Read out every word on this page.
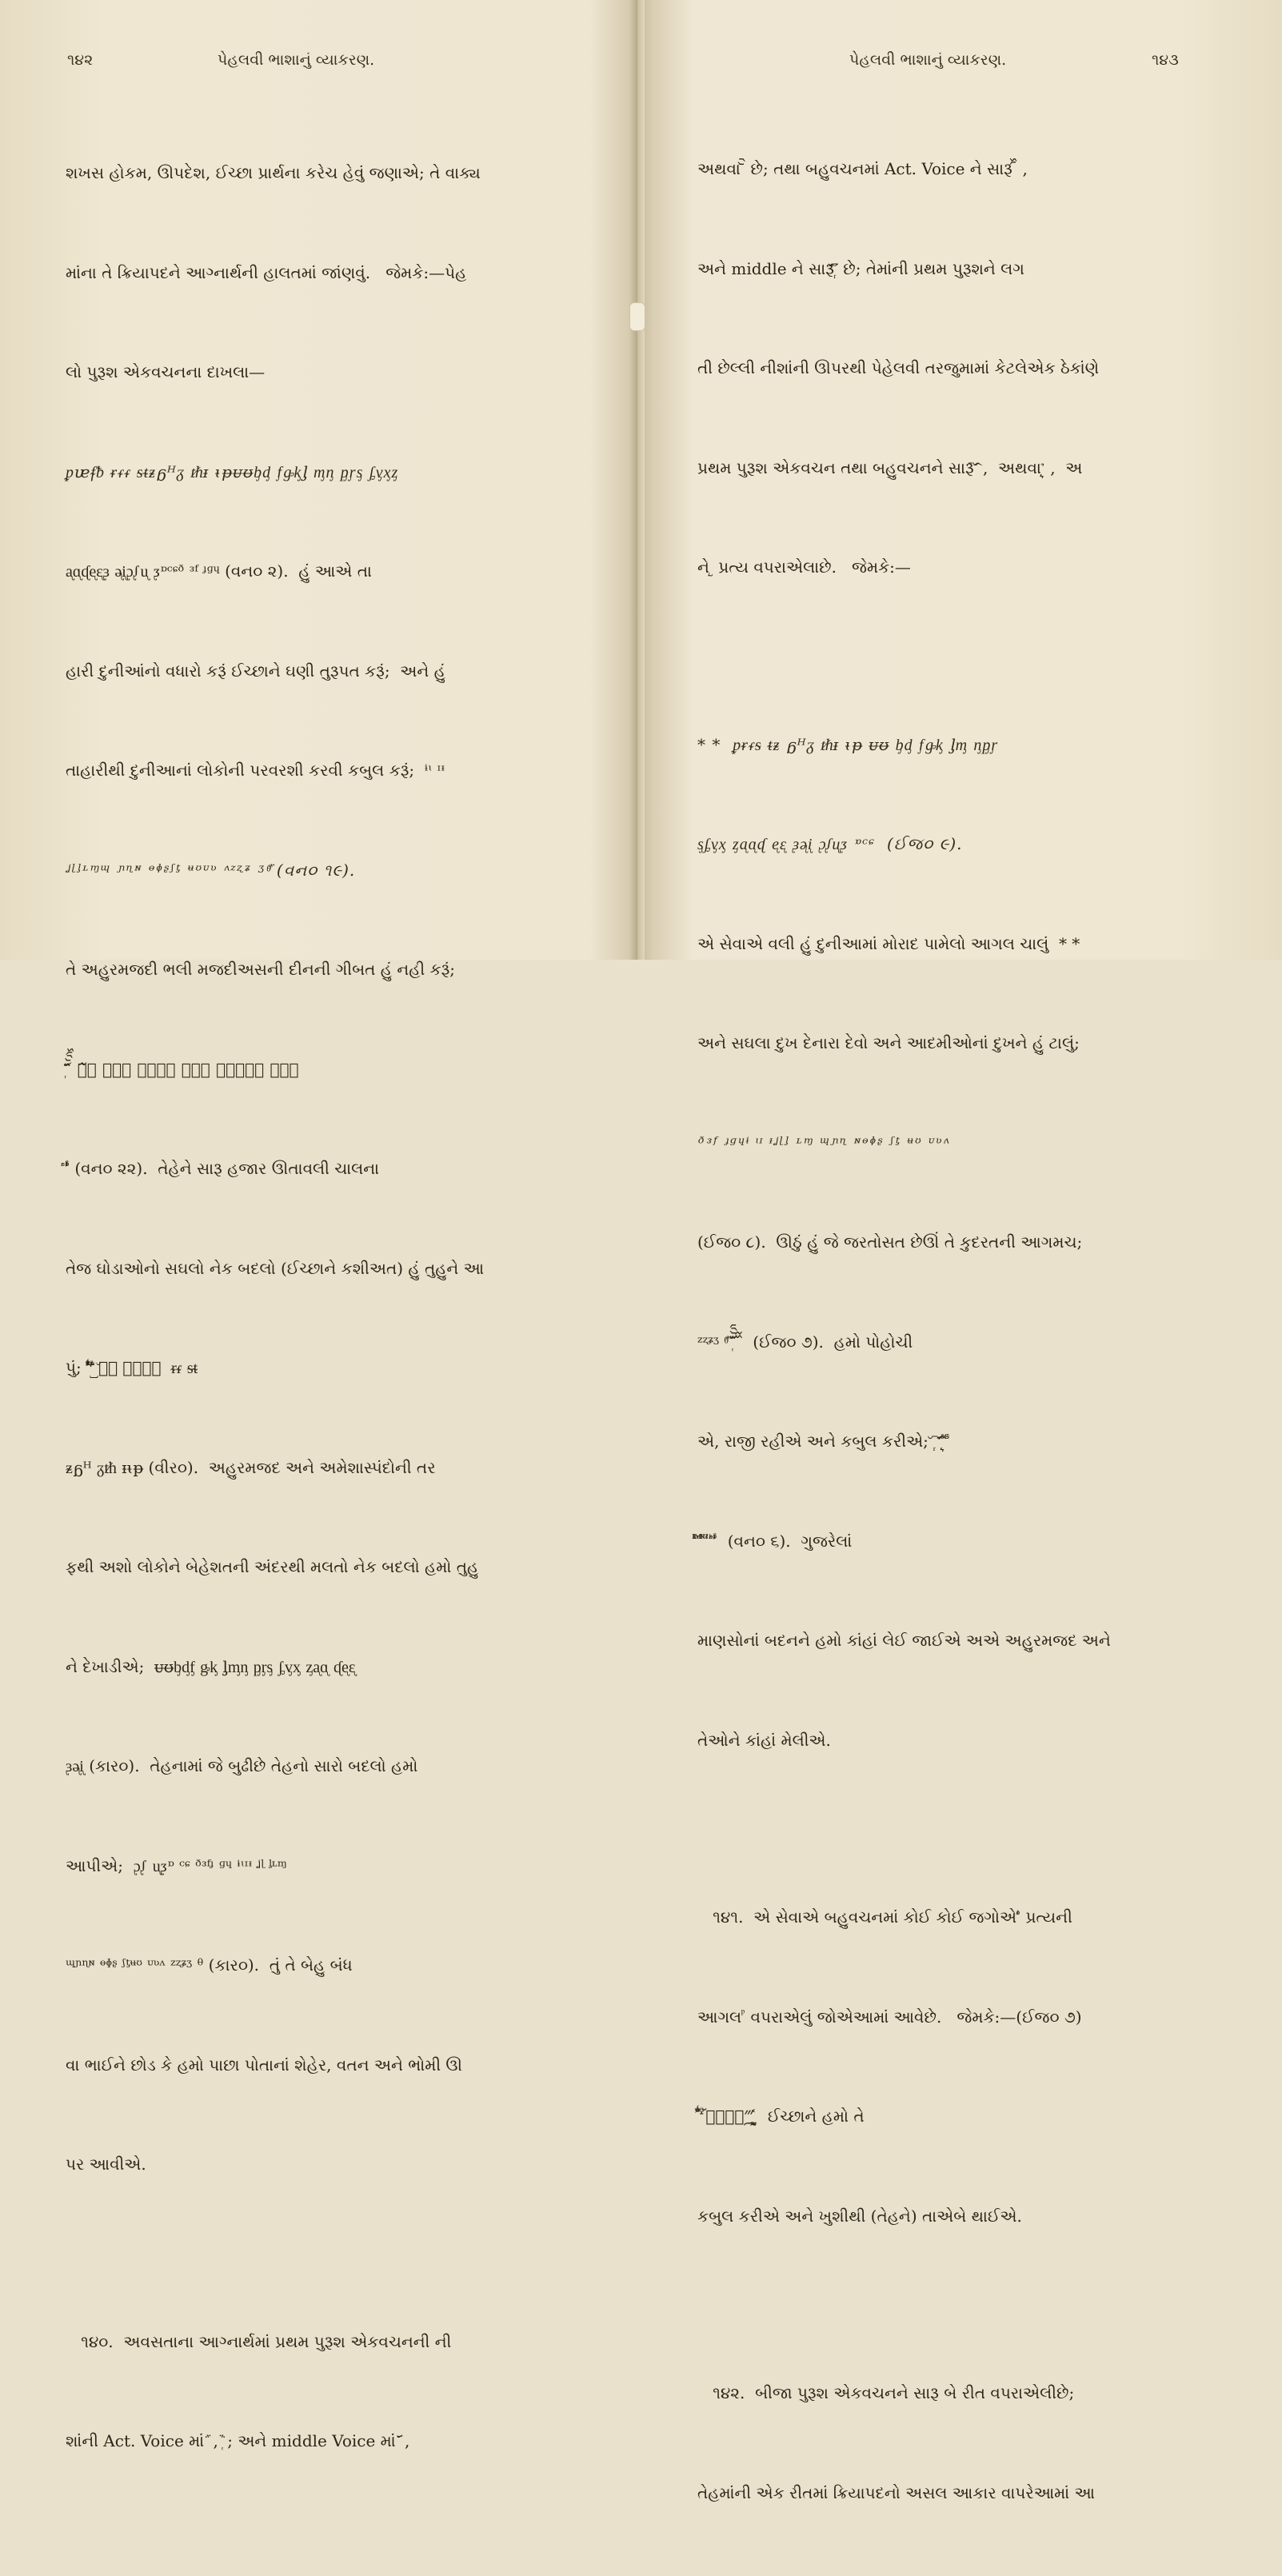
૧૪૨	પેહલવી ભાશાનું વ્યાકરણ.

શખસ હોકમ, ઊપદેશ, ઈચ્છા પ્રાર્થના કરેચ હેવું જણાએ; તે વાક્ય

માંના તે ક્રિયાપદને આગ્નાર્થની હાલતમાં જાંણવું.   જેમકે:—પેહ

લો પુરૂશ એકવચનના દાખલા—

ᵱᵫᵮᵬ ᵲᵳᵳ ᵴᵵᵶᵷᵸᵹ ᵺᵻ ᵼᵽᵾᵿᶀᶁ ᶂᶃᶄᶅ ᶆᶇ ᶈᶉᶊ ᶋᶌᶍᶎ

ᶏᶐᶑᶒᶓᶔ ᶕᶖᶗᶘᶙ ᶚᶛᶜᶝᶞ ᶟᶠ ᶡᶢᶣ (વન૦ ૨).  હું આએ તા

હારી દુનીઆંનો વધારો કરૂં ઈચ્છાને ઘણી તુરૂપત કરૂં;  અને હું

તાહારીથી દુનીઆનાં લોકોની પરવરશી કરવી કબુલ કરૂં;  ᶤᶥ ᶦᶧ

ᶨᶩᶪᶫᶬᶭ ᶮᶯᶰ ᶱᶲᶳᶴᶵ ᶶᶷᶸᶹ ᶺᶻᶼᶽ ᶾᶿ᷀ (વન૦ ૧૯).

તે અહુરમજદી ભલી મજદીઅસની દીનની ગીબત હું નહી કરૂં;

᷂᷁᷃ ᷄᷅᷆᷇᷈ ᷊᷉᷋ ᷎᷌᷍ ᷏ᷘᷙᷚ ᷛᷜᷝ ᷞᷟᷠᷡᷢ ᷣᷤᷥ

ᷦᷧ ᷨᷩᷪᷫ (વન૦ ૨૨).  તેહેને સારૂ હજાર ઊતાવલી ચાલના

તેજ ઘોડાઓનો સઘલો નેક બદલો (ઈચ્છાને કશીઅત) હું તુહુને આ

પું;  ᷬᷭᷮᷯᷰᷱᷲ ᷳᷴ᷵ ᷹᷷᷸᷶ ᷺᷻ ᷽᷿᷾᷼ ᵲᵳ ᵴᵵ

ᵶᵷᵸ ᵹᵺ ᵻᵼᵽ (વીર૦).  અહુરમજદ અને અમેશાસ્પંદોની તર

ફથી અશો લોકોને બેહેશતની અંદરથી મલતો નેક બદલો હમો તુહુ

ને દેખાડીએ;  ᵾᵿᶀᶁᶂ ᶃᶄ ᶅᶆᶇ ᶈᶉᶊ ᶋᶌᶍ ᶎᶏᶐ ᶑᶒᶓ

ᶔᶕᶖ (કાર૦).  તેહનામાં જે બુઢીછે તેહનો સારો બદલો હમો

આપીએ;  ᶗᶘ ᶙᶚᶛ ᶜᶝ ᶞᶟᶠᶡ ᶢᶣ ᶤᶥᶦᶧ ᶨᶩ ᶪᶫᶬ

ᶭᶮᶯᶰ ᶱᶲᶳ ᶴᶵᶶᶷ ᶸᶹᶺ ᶻᶼᶽᶾ ᶿ (કાર૦).  તું તે બેહુ બંધ

વા ભાઈને છોડ કે હમો પાછા પોતાનાં શેહેર, વતન અને ભોમી ઊ

પર આવીએ.

૧૪૦.  અવસતાના આગ્નાર્થમાં પ્રથમ પુરૂશ એકવચનની ની

શાંની Act. Voice માં ᷀ , ᷂᷁ ; અને middle Voice માં ᷃᷄ ,

પેહલવી ભાશાનું વ્યાકરણ.	૧૪૩

અથવા ᷅᷆ છે; તથા બહુવચનમાં Act. Voice ને સારૂ ᷇᷈ ,

અને middle ને સારૂ ᷊᷉᷋ છે; તેમાંની પ્રથમ પુરૂશને લગ

તી છેલ્લી નીશાંની ઊપરથી પેહેલવી તરજુમામાં કેટલેએક ઠેકાંણે

પ્રથમ પુરૂશ એકવચન તથા બહુવચનને સારૂ ᷌᷍ ,  અથવા ᷎᷏ ,  અ

ને ᷐ પ્રત્ય વપરાએલાછે.   જેમકે:—

* *  ᵱᵲᵳᵴ ᵵᵶ ᵷᵸᵹ ᵺᵻ ᵼᵽ ᵾᵿ ᶀᶁ ᶂᶃᶄ ᶅᶆ ᶇᶈᶉ

ᶊᶋᶌᶍ ᶎᶏᶐᶑ ᶒᶓ ᶔᶕᶖ ᶗᶘᶙᶚ ᶛᶜᶝ  (ઈજ૦ ૯).

એ સેવાએ વલી હું દુનીઆમાં મોરાદ પામેલો આગલ ચાલું  * *

અને સઘલા દુખ દેનારા દેવો અને આદમીઓનાં દુખને હું ટાલું;

ᶞᶟᶠ ᶡᶢᶣᶤ ᶥᶦ ᶧᶨᶩᶪ ᶫᶬ ᶭᶮᶯ ᶰᶱᶲᶳ ᶴᶵ ᶶᶷ ᶸᶹᶺ

(ઈજ૦ ૮).  ઊઠું હું જે જરતોસત છેઊં તે કુદરતની આગમચ;

ᶻᶼᶽᶾ ᶿ᷀ ᷂᷁᷃ ᷄᷅᷆᷇ ᷈᷉  (ઈજ૦ ૭).  હમો પોહોચી

એ, રાજી રહીએ અને કબુલ કરીએ;  ᷊᷋ ᷎᷌᷍ ᷏ᷘᷙ ᷚᷛ

ᷜᷝᷞ ᷟᷠ ᷡᷢ ᷣᷤᷥ ᷦᷧᷨ ᷩᷪᷫ  (વન૦ ૬).  ગુજરેલાં

માણસોનાં બદનને હમો કાંહાં લેઈ જાઈએ અએ અહુરમજદ અને

તેઓને કાંહાં મેલીએ.

૧૪૧.  એ સેવાએ બહુવચનમાં કોઈ કોઈ જગોએ ᷬᷭ પ્રત્યની

આગલ ᷮ વપરાએલું જોએઆમાં આવેછે.   જેમકે:—(ઈજ૦ ૭)

ᷯᷰᷱ ᷲᷳ ᷴ᷵᷶ ᷺᷹᷷᷸ ᷻᷼ ᷽᷿᷾  ઈચ્છાને હમો તે

કબુલ કરીએ અને ખુશીથી (તેહને) તાએબે થાઈએ.

૧૪૨.  બીજા પુરૂશ એકવચનને સારૂ બે રીત વપરાએલીછે;

તેહમાંની એક રીતમાં ક્રિયાપદનો અસલ આકાર વાપરેઆમાં આ
